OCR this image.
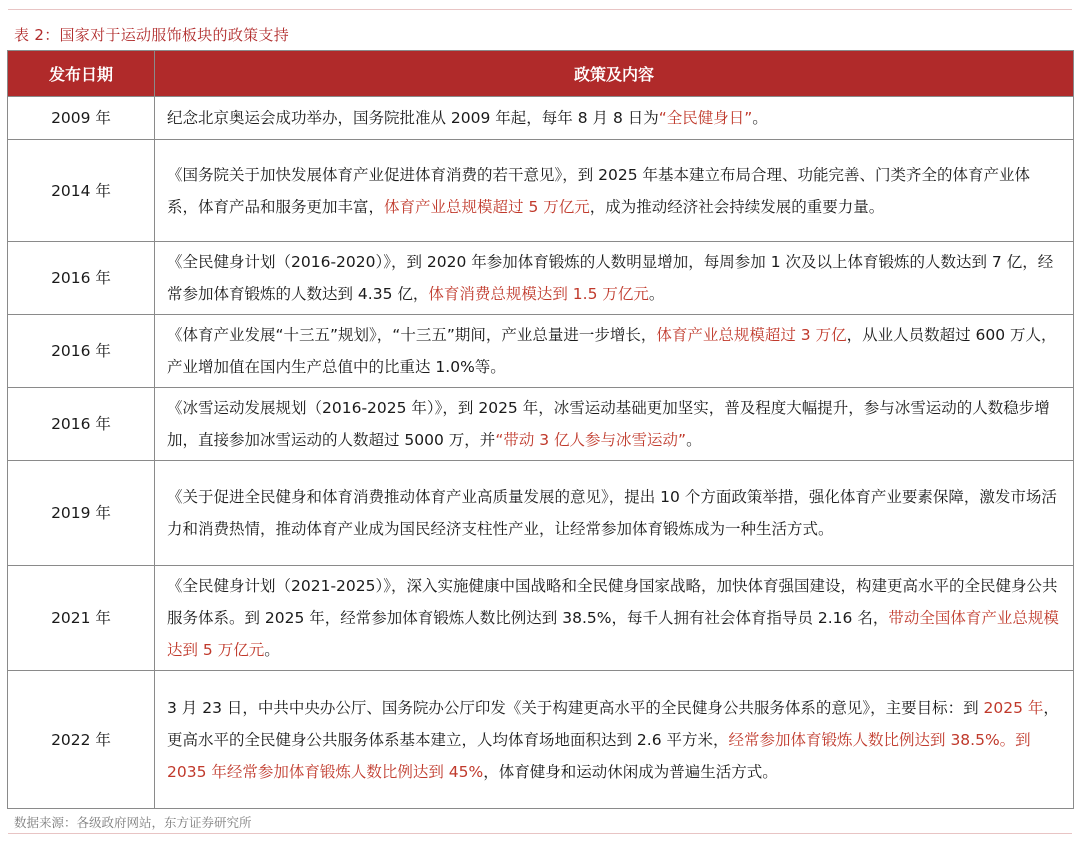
表 2：国家对于运动服饰板块的政策支持
发布日期	政策及内容
2009 年	纪念北京奥运会成功举办，国务院批准从 2009 年起，每年 8 月 8 日为“全民健身日”。
2014 年	《国务院关于加快发展体育产业促进体育消费的若干意见》，到 2025 年基本建立布局合理、功能完善、门类齐全的体育产业体系，体育产品和服务更加丰富，体育产业总规模超过 5 万亿元，成为推动经济社会持续发展的重要力量。
2016 年	《全民健身计划（2016-2020）》，到 2020 年参加体育锻炼的人数明显增加，每周参加 1 次及以上体育锻炼的人数达到 7 亿，经常参加体育锻炼的人数达到 4.35 亿，体育消费总规模达到 1.5 万亿元。
2016 年	《体育产业发展“十三五”规划》，“十三五”期间，产业总量进一步增长，体育产业总规模超过 3 万亿，从业人员数超过 600 万人，产业增加值在国内生产总值中的比重达 1.0%等。
2016 年	《冰雪运动发展规划（2016-2025 年）》，到 2025 年，冰雪运动基础更加坚实，普及程度大幅提升，参与冰雪运动的人数稳步增加，直接参加冰雪运动的人数超过 5000 万，并“带动 3 亿人参与冰雪运动”。
2019 年	《关于促进全民健身和体育消费推动体育产业高质量发展的意见》，提出 10 个方面政策举措，强化体育产业要素保障，激发市场活力和消费热情，推动体育产业成为国民经济支柱性产业，让经常参加体育锻炼成为一种生活方式。
2021 年	《全民健身计划（2021-2025）》，深入实施健康中国战略和全民健身国家战略，加快体育强国建设，构建更高水平的全民健身公共服务体系。到 2025 年，经常参加体育锻炼人数比例达到 38.5%，每千人拥有社会体育指导员 2.16 名，带动全国体育产业总规模达到 5 万亿元。
2022 年	3 月 23 日，中共中央办公厅、国务院办公厅印发《关于构建更高水平的全民健身公共服务体系的意见》，主要目标：到 2025 年，更高水平的全民健身公共服务体系基本建立，人均体育场地面积达到 2.6 平方米，经常参加体育锻炼人数比例达到 38.5%。到 2035 年经常参加体育锻炼人数比例达到 45%，体育健身和运动休闲成为普遍生活方式。
数据来源：各级政府网站，东方证券研究所
